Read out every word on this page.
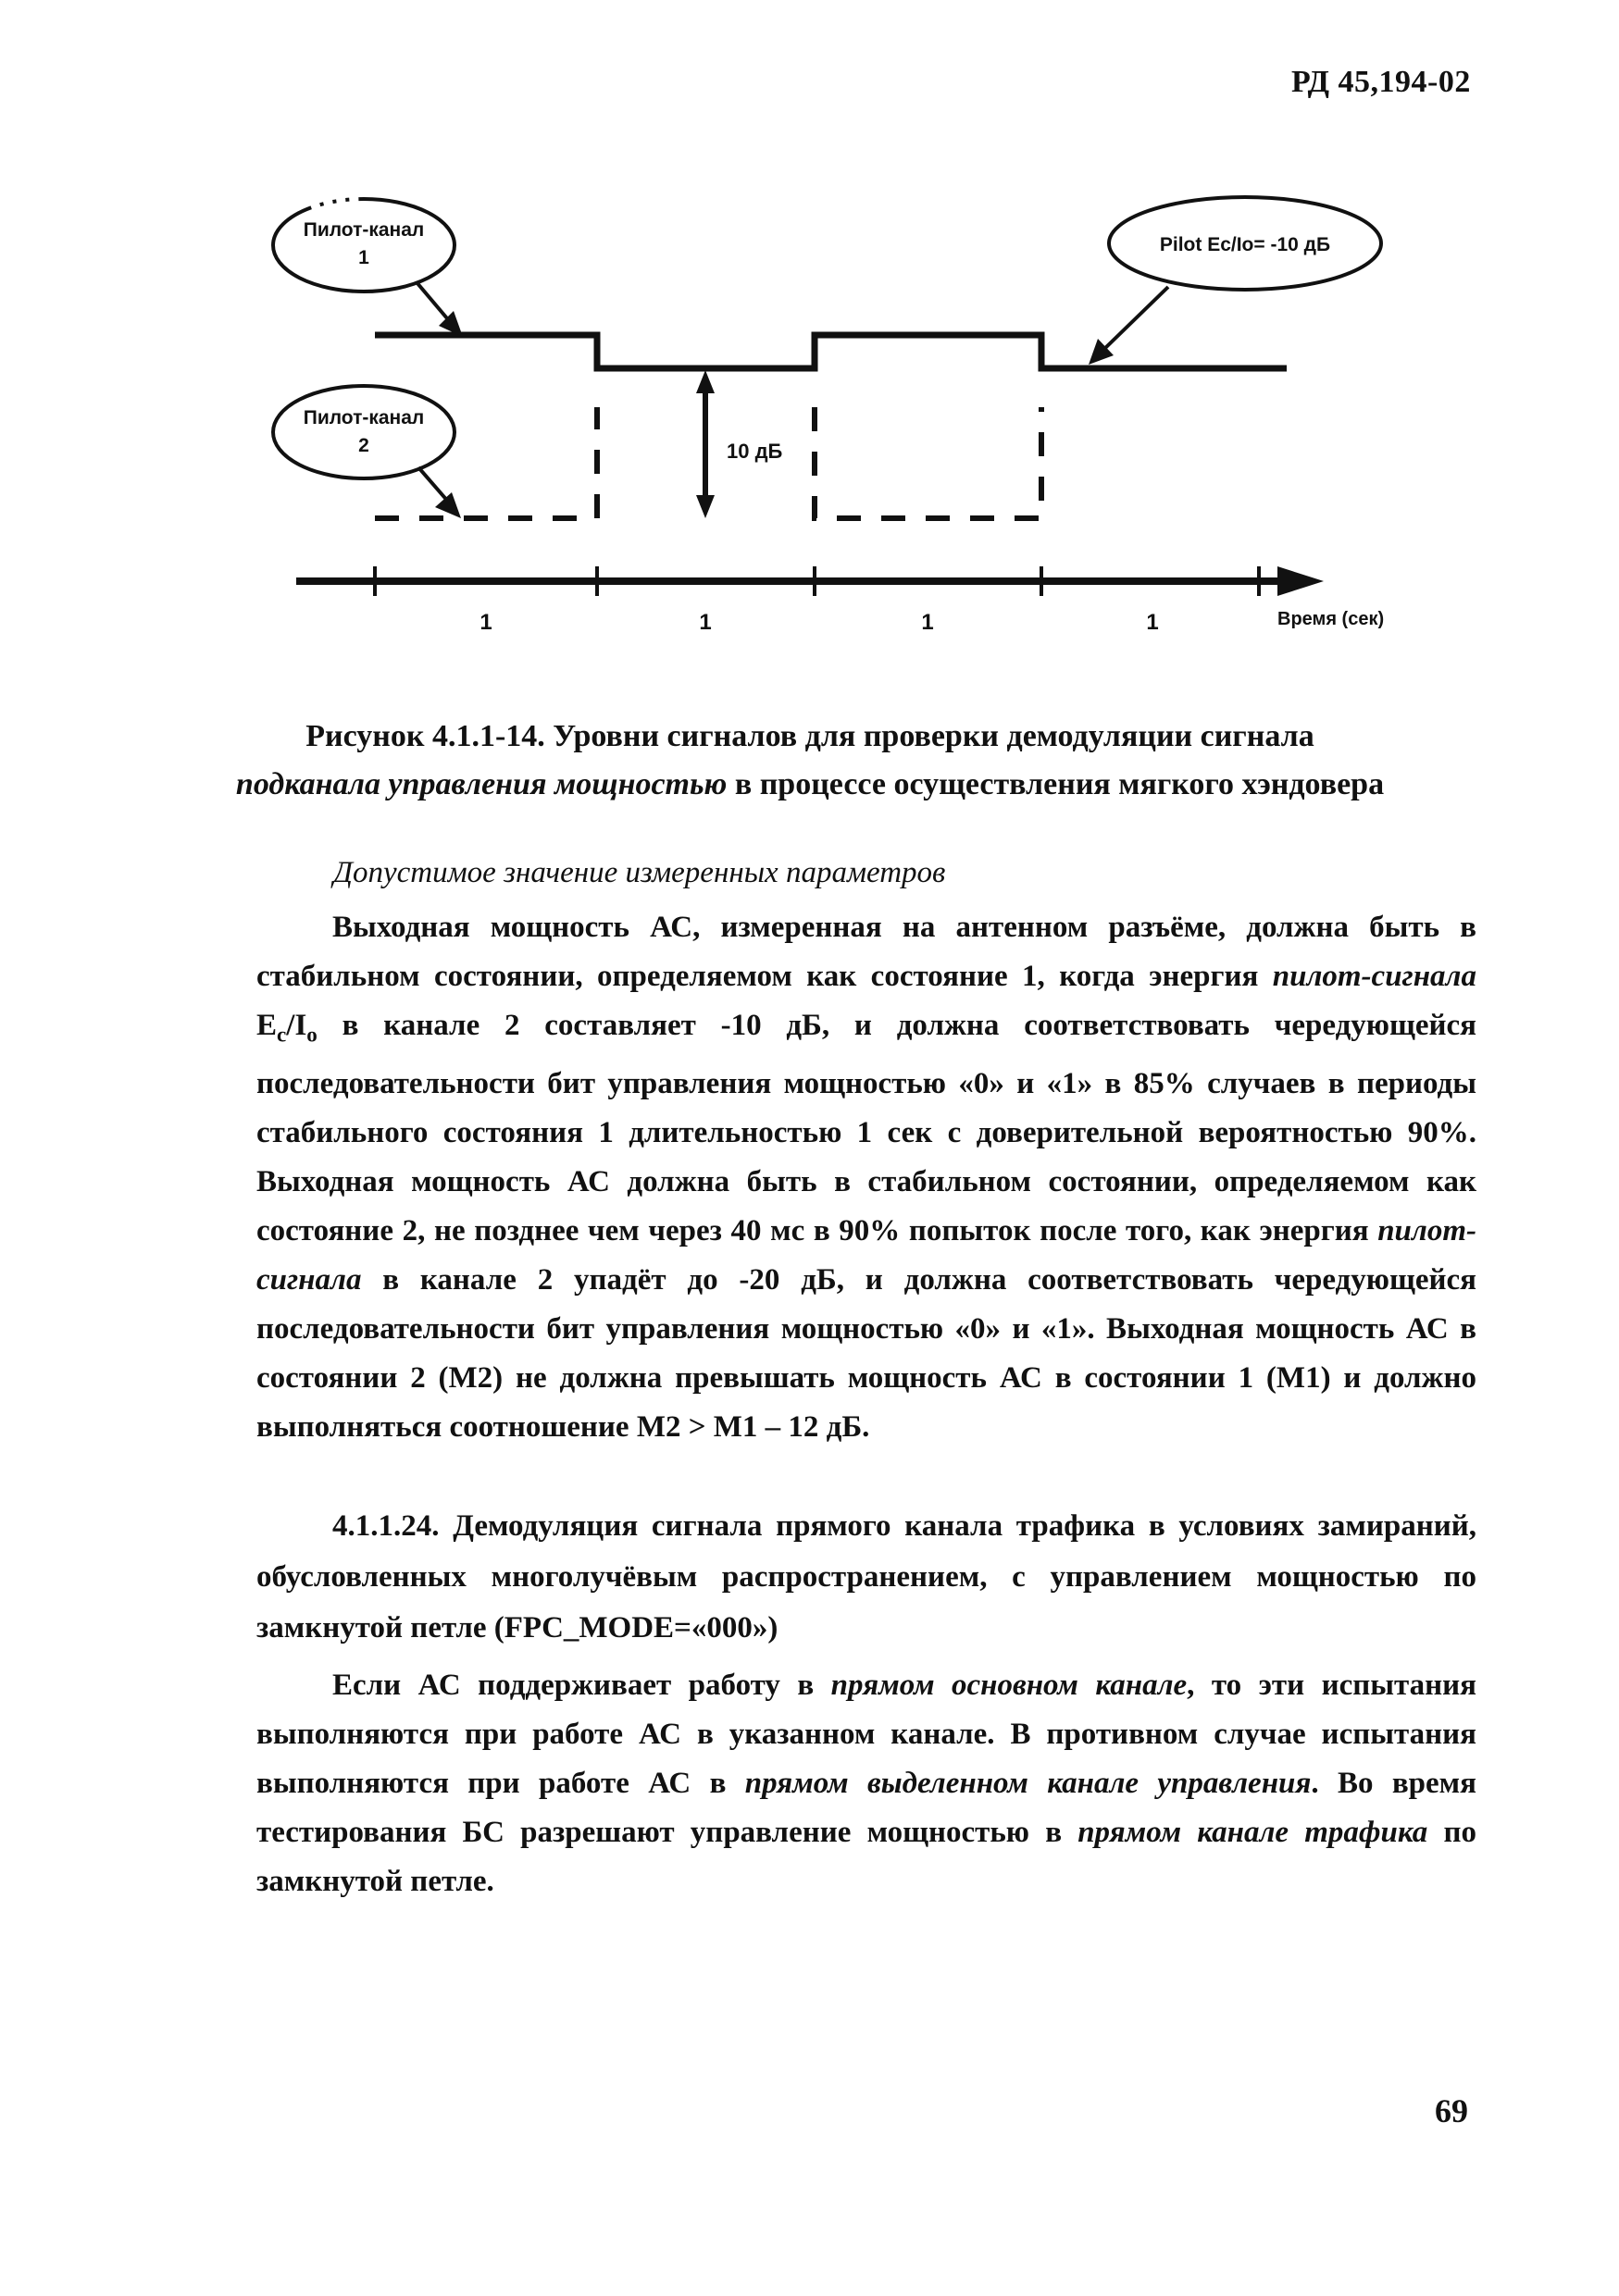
РД 45,194-02
10 дБ
Пилот-канал
1
Пилот-канал
2
Pilot Ec/Io= -10 дБ
1	1	1	1	Время (сек)
Рисунок 4.1.1-14. Уровни сигналов для проверки демодуляции сигнала подканала управления мощностью в процессе осуществления мягкого хэндовера
Допустимое значение измеренных параметров
Выходная мощность АС, измеренная на антенном разъёме, должна быть в стабильном состоянии, определяемом как состояние 1, когда энергия пилот-сигнала $E_c/I_o$ в канале 2 составляет -10 дБ, и должна соответствовать чередующейся последовательности бит управления мощностью «0» и «1» в 85% случаев в периоды стабильного состояния 1 длительностью 1 сек с доверительной вероятностью 90%. Выходная мощность АС должна быть в стабильном состоянии, определяемом как состояние 2, не позднее чем через 40 мс в 90% попыток после того, как энергия пилот-сигнала в канале 2 упадёт до -20 дБ, и должна соответствовать чередующейся последовательности бит управления мощностью «0» и «1». Выходная мощность АС в состоянии 2 (М2) не должна превышать мощность АС в состоянии 1 (М1) и должно выполняться соотношение М2 > М1 – 12 дБ.
4.1.1.24. Демодуляция сигнала прямого канала трафика в условиях замираний, обусловленных многолучёвым распространением, с управлением мощностью по замкнутой петле (FPC_MODE=«000»)
Если АС поддерживает работу в прямом основном канале, то эти испытания выполняются при работе АС в указанном канале. В противном случае испытания выполняются при работе АС в прямом выделенном канале управления. Во время тестирования БС разрешают управление мощностью в прямом канале трафика по замкнутой петле.
69
